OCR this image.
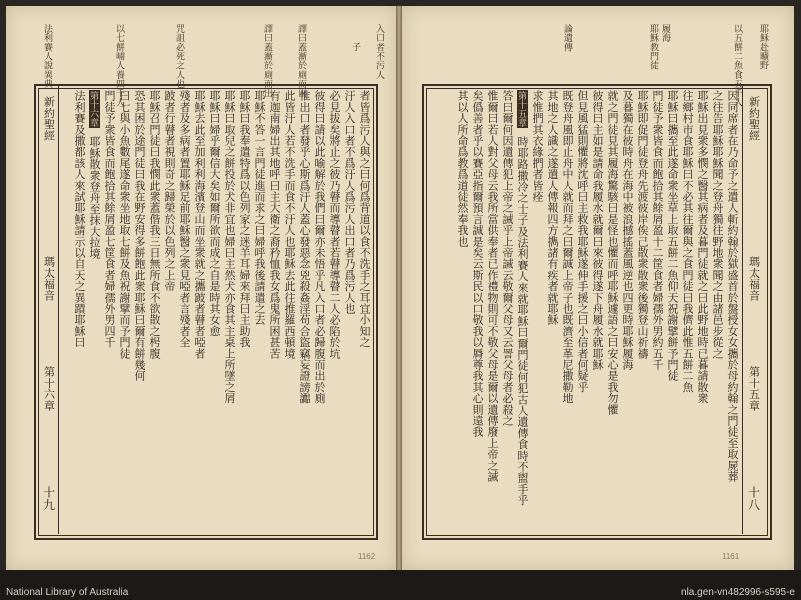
入口者不污人
子
譯曰蓋漸於廁而出
譯曰蓋漸於廁而出
咒詛必死之人也
以七餅哺人養四千人
法利賽人說異典
新約聖經
瑪太福音
第十六章
十九
者皆爲污人與之曰何爲背道以食不洗手之耳宜小知之
汙人入口者不爲汙人爲污人出口者乃爲污人也
必見拔矣將止之彼乃瞽而導瞽者若瞽導瞽二人必陷於坑
彼得曰請以此喻解於我們曰爾亦未悟乎凡入口者必歸腹而出於廁
惟出口者發乎心斯爲汙人蓋心發惡念兇殺姦淫苟合盜竊妄證謗讟
此皆汙人若不洗手而食不汙人也耶穌去此往推羅西頓境
有迦南婦出其地呼曰主大衛之裔矜恤我女爲鬼所困甚苦
耶穌不答一言門徒進而求之曰婦呼我後請遣之去
耶穌曰我奉遣特爲以色列家之迷羊耳婦來拜曰主助我
耶穌曰取兒之餅投於犬非宜也婦曰主然犬亦食其主桌上所墜之屑
耶穌曰婦乎爾信大矣如爾所欲而成之自是時其女愈
耶穌去此至加利利海濱登山而坐衆就之攜跛者瞽者啞者
殘者及多病者置耶穌足前耶穌醫之衆見啞者言殘者全
跛者行瞽者視則奇之歸榮於以色列之上帝
耶穌召門徒曰我憫此衆蓋偕我三日無所食不欲散之枵腹
恐其困於途門徒曰我在野安得多餅飽此衆耶穌曰爾有餅幾何
曰七與小魚數尾遂命衆坐地取七餅及魚祝謝擘而予門徒
門徒予衆皆食而飽拾其餘屑盈七筐食者婦孺外男四千
第十六章
耶穌散衆登舟至抹大拉境
法利賽及撒都該人來試耶穌請示以自天之異蹟耶穌曰
1162
耶穌赴曠野
以五餅二魚食五千人
履海
耶穌教門徒
論遺傳
因同席者在乃命予之遣人斬約翰於獄盛首於盤授女女攜於母約翰之門徒至取屍葬
之往告耶穌耶穌聞之登舟獨往野地衆聞之由諸邑步從之
耶穌出見衆多憫之醫其病者及暮門徒就之曰此野地時已暮請散衆
往鄉村市食耶穌曰不必其往爾與之食門徒曰我儕此惟五餅二魚
耶穌曰攜至此遂命衆坐草上取五餅二魚仰天祝謝擘餅予門徒
門徒予衆皆食而飽拾其餘屑盈十二筐食者婦孺外男約五千
耶穌即促門徒登舟先渡彼岸俟己散衆散衆後獨登山祈禱
及暮獨在彼時舟在海中被浪撼搖蓋風逆也四更時耶穌履海
就之門徒見其履海驚駭曰是怪也懼而呼耶穌遽語之曰安心是我勿懼
彼得曰主如是請命我履水就爾曰來彼得遂下舟履水就耶穌
但見風猛則懼將沈呼曰主救我耶穌遂伸手援之曰小信者何疑乎
既登舟風即止舟中人就而拜之曰爾誠上帝子也既濟至革尼撒勒地
其地之人識之遂遣人傳報四方擕諸有疾者就耶穌
求惟捫其衣緣捫者皆痊
第十五章
時耶路撒冷之士子及法利賽人來就耶穌曰爾門徒何犯古人遺傳食時不盥手乎
答曰爾何因遺傳犯上帝之誡乎上帝誡云敬爾父母又云詈父母者必殺之
惟爾曰若人對父母云我所當供奉者已作禮物則可不敬父母是爾以遺傳廢上帝之誡
矣僞善者乎以賽亞指爾預言誠是矣云斯民以口敬我以脣尊我其心則遠我
其以人所命爲教爲道徒然奉我也	新約聖經
瑪太福音
第十五章
十八
1161
National Library of Australia	nla.gen-vn482996-s595-e
